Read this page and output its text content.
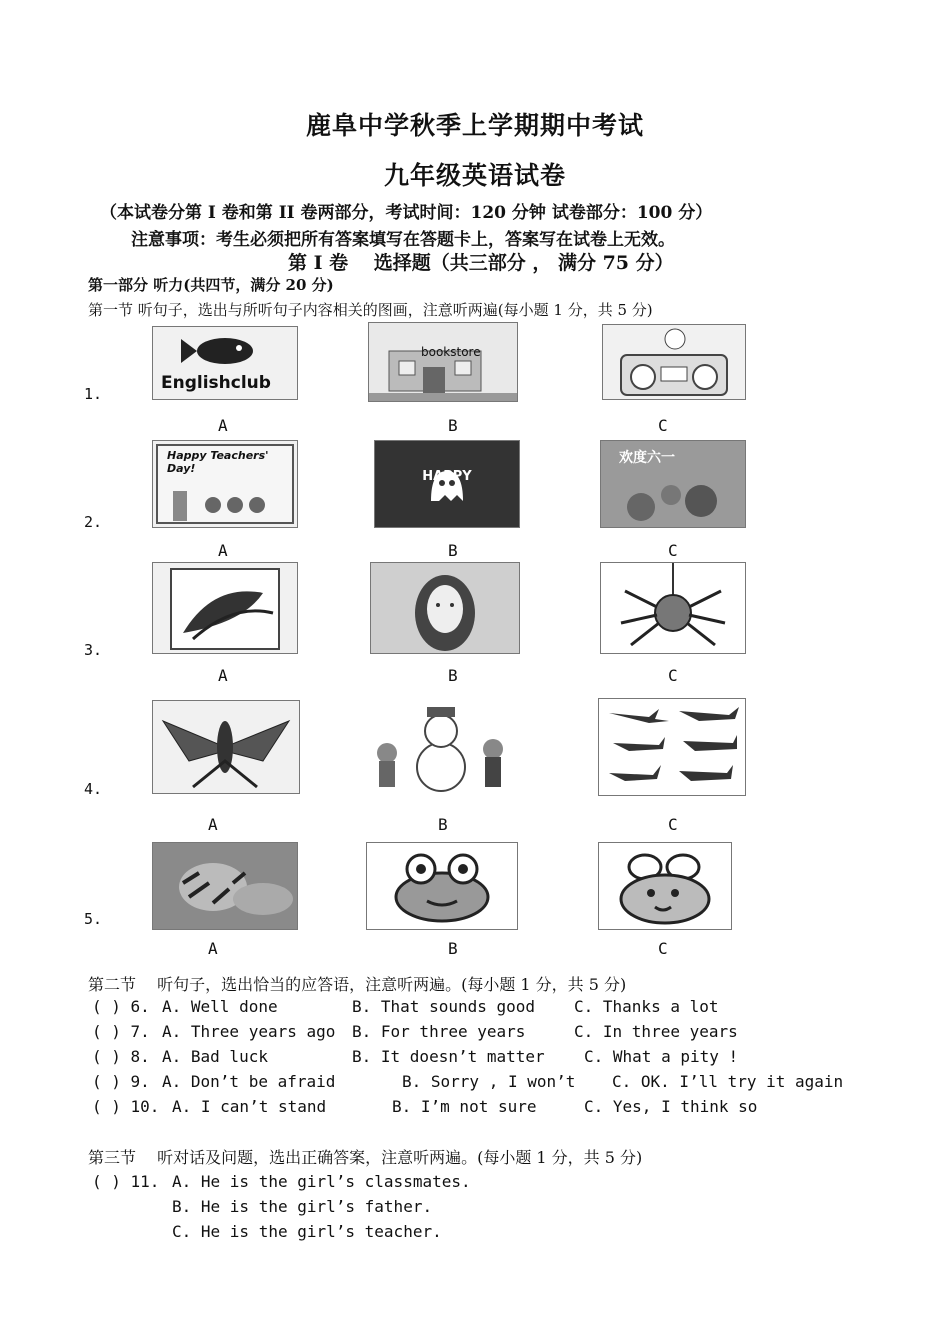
鹿阜中学秋季上学期期中考试
九年级英语试卷
（本试卷分第 I 卷和第 II 卷两部分，考试时间：120 分钟 试卷部分：100 分）
注意事项：考生必须把所有答案填写在答题卡上，答案写在试卷上无效。
第 I 卷　 选择题（共三部分 ， 满分 75 分）
第一部分 听力(共四节，满分 20 分)
第一节 听句子，选出与所听句子内容相关的图画，注意听两遍(每小题 1 分，共 5 分)
1.
Englishclub
bookstore
A	B	C
2.
Happy Teachers' Day!
HAPPY HALLOWEEN
欢度六一
A	B	C
3.
A	B	C
4.
A	B	C
5.
A	B	C
第二节　 听句子，选出恰当的应答语，注意听两遍。(每小题 1 分，共 5 分)
( ) 6. A. Well done	B. That sounds good C. Thanks a lot
( ) 7. A. Three years ago B. For three years	C. In three years
( ) 8. A. Bad luck	B. It doesn’t matter C. What a pity !
( ) 9. A. Don’t be afraid	B. Sorry , I won’t C. OK. I’ll try it again
( ) 10. A. I can’t stand	B. I’m not sure	C. Yes, I think so
第三节　 听对话及问题，选出正确答案，注意听两遍。(每小题 1 分，共 5 分)
( ) 11. A. He is the girl’s classmates.
B. He is the girl’s father.
C. He is the girl’s teacher.
